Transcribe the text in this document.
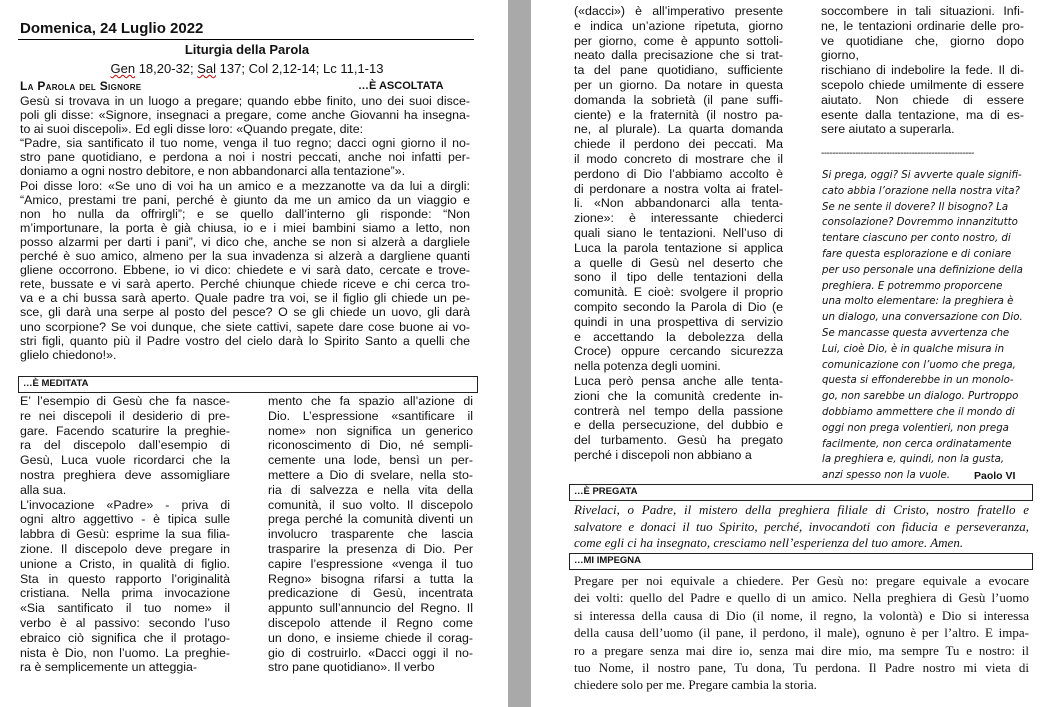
Domenica, 24 Luglio 2022
Liturgia della Parola
Gen 18,20-32; Sal 137; Col 2,12-14; Lc 11,1-13
La Parola del Signore	…È ASCOLTATA
Gesù si trovava in un luogo a pregare; quando ebbe finito, uno dei suoi disce-
poli gli disse: «Signore, insegnaci a pregare, come anche Giovanni ha insegna-
to ai suoi discepoli». Ed egli disse loro: «Quando pregate, dite:
“Padre, sia santificato il tuo nome, venga il tuo regno; dacci ogni giorno il no-
stro pane quotidiano, e perdona a noi i nostri peccati, anche noi infatti per-
doniamo a ogni nostro debitore, e non abbandonarci alla tentazione”».
Poi disse loro: «Se uno di voi ha un amico e a mezzanotte va da lui a dirgli:
“Amico, prestami tre pani, perché è giunto da me un amico da un viaggio e
non ho nulla da offrirgli”; e se quello dall’interno gli risponde: “Non
m’importunare, la porta è già chiusa, io e i miei bambini siamo a letto, non
posso alzarmi per darti i pani”, vi dico che, anche se non si alzerà a dargliele
perché è suo amico, almeno per la sua invadenza si alzerà a dargliene quanti
gliene occorrono. Ebbene, io vi dico: chiedete e vi sarà dato, cercate e trove-
rete, bussate e vi sarà aperto. Perché chiunque chiede riceve e chi cerca tro-
va e a chi bussa sarà aperto. Quale padre tra voi, se il figlio gli chiede un pe-
sce, gli darà una serpe al posto del pesce? O se gli chiede un uovo, gli darà
uno scorpione? Se voi dunque, che siete cattivi, sapete dare cose buone ai vo-
stri figli, quanto più il Padre vostro del cielo darà lo Spirito Santo a quelli che
glielo chiedono!».
…È MEDITATA
E’ l’esempio di Gesù che fa nasce-
re nei discepoli il desiderio di pre-
gare. Facendo scaturire la preghie-
ra del discepolo dall’esempio di
Gesù, Luca vuole ricordarci che la
nostra preghiera deve assomigliare
alla sua.
L’invocazione «Padre» - priva di
ogni altro aggettivo - è tipica sulle
labbra di Gesù: esprime la sua filia-
zione. Il discepolo deve pregare in
unione a Cristo, in qualità di figlio.
Sta in questo rapporto l’originalità
cristiana. Nella prima invocazione
«Sia santificato il tuo nome» il
verbo è al passivo: secondo l’uso
ebraico ciò significa che il protago-
nista è Dio, non l’uomo. La preghie-
ra è semplicemente un atteggia-
mento che fa spazio all’azione di
Dio. L’espressione «santificare il
nome» non significa un generico
riconoscimento di Dio, né sempli-
cemente una lode, bensì un per-
mettere a Dio di svelare, nella sto-
ria di salvezza e nella vita della
comunità, il suo volto. Il discepolo
prega perché la comunità diventi un
involucro trasparente che lascia
trasparire la presenza di Dio. Per
capire l’espressione «venga il tuo
Regno» bisogna rifarsi a tutta la
predicazione di Gesù, incentrata
appunto sull’annuncio del Regno. Il
discepolo attende il Regno come
un dono, e insieme chiede il corag-
gio di costruirlo. «Dacci oggi il no-
stro pane quotidiano». Il verbo
(«dacci») è all’imperativo presente
e indica un’azione ripetuta, giorno
per giorno, come è appunto sottoli-
neato dalla precisazione che si trat-
ta del pane quotidiano, sufficiente
per un giorno. Da notare in questa
domanda la sobrietà (il pane suffi-
ciente) e la fraternità (il nostro pa-
ne, al plurale). La quarta domanda
chiede il perdono dei peccati. Ma
il modo concreto di mostrare che il
perdono di Dio l’abbiamo accolto è
di perdonare a nostra volta ai fratel-
li. «Non abbandonarci alla tenta-
zione»: è interessante chiederci
quali siano le tentazioni. Nell’uso di
Luca la parola tentazione si applica
a quelle di Gesù nel deserto che
sono il tipo delle tentazioni della
comunità. E cioè: svolgere il proprio
compito secondo la Parola di Dio (e
quindi in una prospettiva di servizio
e accettando la debolezza della
Croce) oppure cercando sicurezza
nella potenza degli uomini.
Luca però pensa anche alle tenta-
zioni che la comunità credente in-
contrerà nel tempo della passione
e della persecuzione, del dubbio e
del turbamento. Gesù ha pregato
perché i discepoli non abbiano a
soccombere in tali situazioni. Infi-
ne, le tentazioni ordinarie delle pro-
ve quotidiane che, giorno dopo
giorno,
rischiano di indebolire la fede. Il di-
scepolo chiede umilmente di essere
aiutato. Non chiede di essere
esente dalla tentazione, ma di es-
sere aiutato a superarla.
------------------------------------------------------
Si prega, oggi? Si avverte quale signifi-
cato abbia l’orazione nella nostra vita?
Se ne sente il dovere? Il bisogno? La
consolazione? Dovremmo innanzitutto
tentare ciascuno per conto nostro, di
fare questa esplorazione e di coniare
per uso personale una definizione della
preghiera. E potremmo proporcene
una molto elementare: la preghiera è
un dialogo, una conversazione con Dio.
Se mancasse questa avvertenza che
Lui, cioè Dio, è in qualche misura in
comunicazione con l’uomo che prega,
questa si effonderebbe in un monolo-
go, non sarebbe un dialogo. Purtroppo
dobbiamo ammettere che il mondo di
oggi non prega volentieri, non prega
facilmente, non cerca ordinatamente
la preghiera e, quindi, non la gusta,
anzi spesso non la vuole.	Paolo VI
…È PREGATA
Rivelaci, o Padre, il mistero della preghiera filiale di Cristo, nostro fratello e
salvatore e donaci il tuo Spirito, perché, invocandoti con fiducia e perseveranza,
come egli ci ha insegnato, cresciamo nell’esperienza del tuo amore. Amen.
…MI IMPEGNA
Pregare per noi equivale a chiedere. Per Gesù no: pregare equivale a evocare
dei volti: quello del Padre e quello di un amico. Nella preghiera di Gesù l’uomo
si interessa della causa di Dio (il nome, il regno, la volontà) e Dio si interessa
della causa dell’uomo (il pane, il perdono, il male), ognuno è per l’altro. E impa-
ro a pregare senza mai dire io, senza mai dire mio, ma sempre Tu e nostro: il
tuo Nome, il nostro pane, Tu dona, Tu perdona. Il Padre nostro mi vieta di
chiedere solo per me. Pregare cambia la storia.
